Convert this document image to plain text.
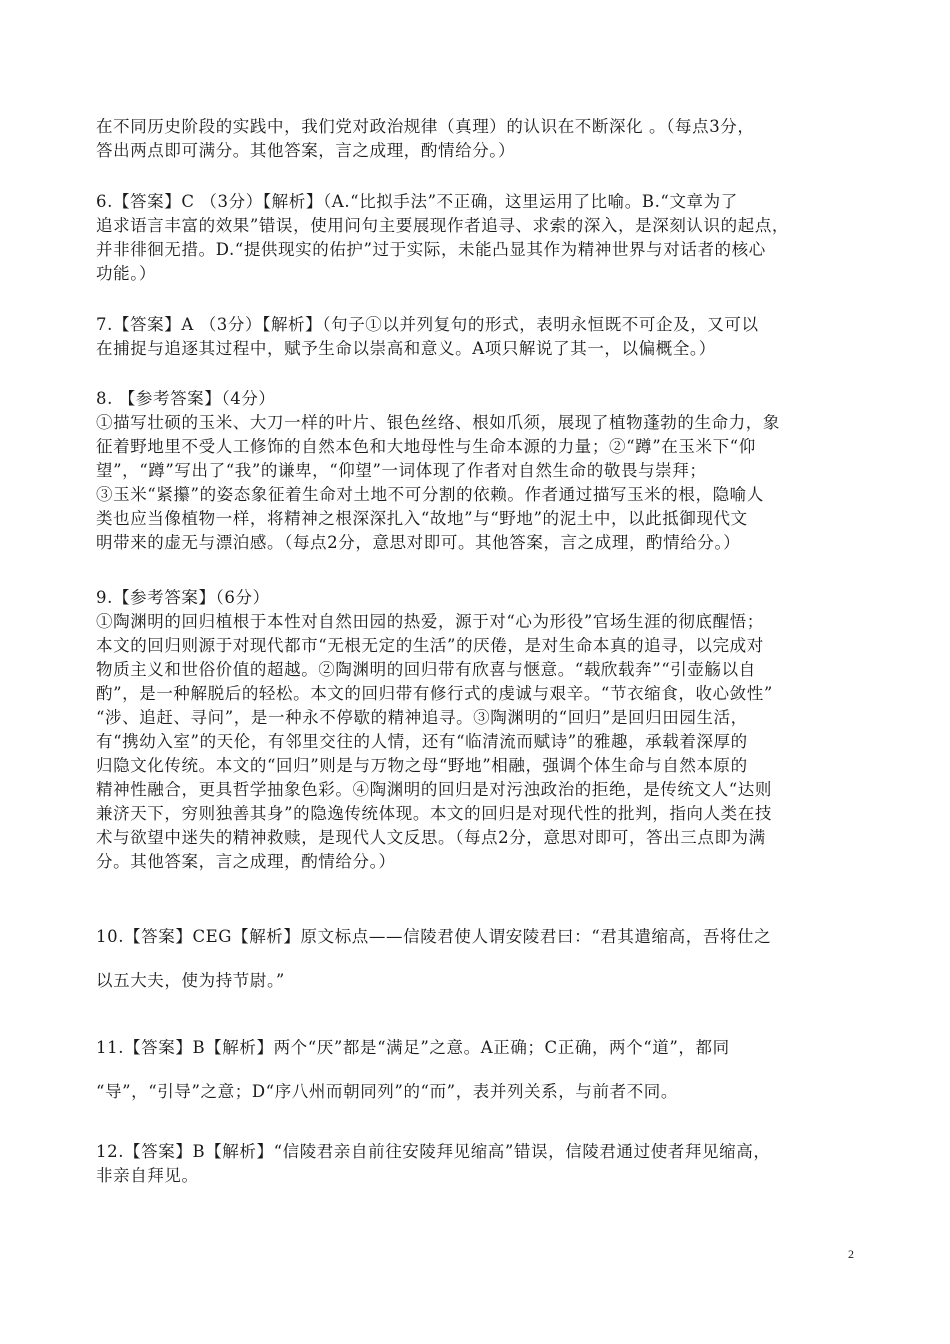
在不同历史阶段的实践中，我们党对政治规律（真理）的认识在不断深化 。（每点3分，
答出两点即可满分。其他答案，言之成理，酌情给分。）
6.【答案】C （3分）【解析】（A.“比拟手法”不正确，这里运用了比喻。B.“文章为了
追求语言丰富的效果”错误，使用问句主要展现作者追寻、求索的深入，是深刻认识的起点，
并非徘徊无措。D.“提供现实的佑护”过于实际，未能凸显其作为精神世界与对话者的核心
功能。）
7.【答案】A （3分）【解析】（句子①以并列复句的形式，表明永恒既不可企及，又可以
在捕捉与追逐其过程中，赋予生命以崇高和意义。A项只解说了其一，以偏概全。）
8. 【参考答案】（4分）
①描写壮硕的玉米、大刀一样的叶片、银色丝络、根如爪须，展现了植物蓬勃的生命力，象
征着野地里不受人工修饰的自然本色和大地母性与生命本源的力量；②“蹲”在玉米下“仰
望”，“蹲”写出了“我”的谦卑，“仰望”一词体现了作者对自然生命的敬畏与崇拜；
③玉米“紧攥”的姿态象征着生命对土地不可分割的依赖。作者通过描写玉米的根，隐喻人
类也应当像植物一样，将精神之根深深扎入“故地”与“野地”的泥土中，以此抵御现代文
明带来的虚无与漂泊感。（每点2分，意思对即可。其他答案，言之成理，酌情给分。）
9.【参考答案】（6分）
①陶渊明的回归植根于本性对自然田园的热爱，源于对“心为形役”官场生涯的彻底醒悟；
本文的回归则源于对现代都市“无根无定的生活”的厌倦，是对生命本真的追寻，以完成对
物质主义和世俗价值的超越。②陶渊明的回归带有欣喜与惬意。“载欣载奔”“引壶觞以自
酌”，是一种解脱后的轻松。本文的回归带有修行式的虔诚与艰辛。“节衣缩食，收心敛性”
“涉、追赶、寻问”，是一种永不停歇的精神追寻。③陶渊明的“回归”是回归田园生活，
有“携幼入室”的天伦，有邻里交往的人情，还有“临清流而赋诗”的雅趣，承载着深厚的
归隐文化传统。本文的“回归”则是与万物之母“野地”相融，强调个体生命与自然本原的
精神性融合，更具哲学抽象色彩。④陶渊明的回归是对污浊政治的拒绝，是传统文人“达则
兼济天下，穷则独善其身”的隐逸传统体现。本文的回归是对现代性的批判，指向人类在技
术与欲望中迷失的精神救赎，是现代人文反思。（每点2分，意思对即可，答出三点即为满
分。其他答案，言之成理，酌情给分。）
10.【答案】CEG【解析】原文标点——信陵君使人谓安陵君曰：“君其遣缩高，吾将仕之
以五大夫，使为持节尉。”
11.【答案】B【解析】两个“厌”都是“满足”之意。A正确；C正确，两个“道”，都同
“导”，“引导”之意；D“序八州而朝同列”的“而”，表并列关系，与前者不同。
12.【答案】B【解析】“信陵君亲自前往安陵拜见缩高”错误，信陵君通过使者拜见缩高，
非亲自拜见。
2
